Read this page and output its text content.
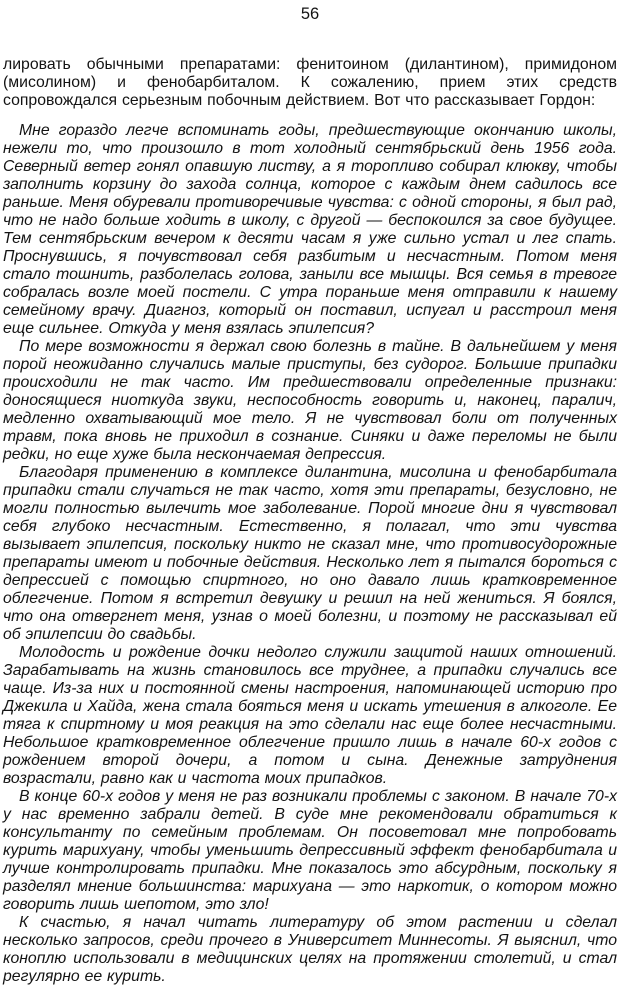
56

лировать обычными препаратами: фенитоином (дилантином), примидоном (мисолином) и фенобарбиталом. К сожалению, прием этих средств сопровождался серьезным побочным действием. Вот что рассказывает Гордон:

Мне гораздо легче вспоминать годы, предшествующие окончанию школы, нежели то, что произошло в тот холодный сентябрьский день 1956 года. Северный ветер гонял опавшую листву, а я торопливо собирал клюкву, чтобы заполнить корзину до захода солнца, которое с каждым днем садилось все раньше. Меня обуревали противоречивые чувства: с одной стороны, я был рад, что не надо больше ходить в школу, с другой — беспокоился за свое будущее. Тем сентябрьским вечером к десяти часам я уже сильно устал и лег спать. Проснувшись, я почувствовал себя разбитым и несчастным. Потом меня стало тошнить, разболелась голова, заныли все мышцы. Вся семья в тревоге собралась возле моей постели. С утра пораньше меня отправили к нашему семейному врачу. Диагноз, который он поставил, испугал и расстроил меня еще сильнее. Откуда у меня взялась эпилепсия?

По мере возможности я держал свою болезнь в тайне. В дальнейшем у меня порой неожиданно случались малые приступы, без судорог. Большие припадки происходили не так часто. Им предшествовали определенные признаки: доносящиеся ниоткуда звуки, неспособность говорить и, наконец, паралич, медленно охватывающий мое тело. Я не чувствовал боли от полученных травм, пока вновь не приходил в сознание. Синяки и даже переломы не были редки, но еще хуже была нескончаемая депрессия.

Благодаря применению в комплексе дилантина, мисолина и фенобарбитала припадки стали случаться не так часто, хотя эти препараты, безусловно, не могли полностью вылечить мое заболевание. Порой многие дни я чувствовал себя глубоко несчастным. Естественно, я полагал, что эти чувства вызывает эпилепсия, поскольку никто не сказал мне, что противосудорожные препараты имеют и побочные действия. Несколько лет я пытался бороться с депрессией с помощью спиртного, но оно давало лишь кратковременное облегчение. Потом я встретил девушку и решил на ней жениться. Я боялся, что она отвергнет меня, узнав о моей болезни, и поэтому не рассказывал ей об эпилепсии до свадьбы.

Молодость и рождение дочки недолго служили защитой наших отношений. Зарабатывать на жизнь становилось все труднее, а припадки случались все чаще. Из-за них и постоянной смены настроения, напоминающей историю про Джекила и Хайда, жена стала бояться меня и искать утешения в алкоголе. Ее тяга к спиртному и моя реакция на это сделали нас еще более несчастными. Небольшое кратковременное облегчение пришло лишь в начале 60-х годов с рождением второй дочери, а потом и сына. Денежные затруднения возрастали, равно как и частота моих припадков.

В конце 60-х годов у меня не раз возникали проблемы с законом. В начале 70-х у нас временно забрали детей. В суде мне рекомендовали обратиться к консультанту по семейным проблемам. Он посоветовал мне попробовать курить марихуану, чтобы уменьшить депрессивный эффект фенобарбитала и лучше контролировать припадки. Мне показалось это абсурдным, поскольку я разделял мнение большинства: марихуана — это наркотик, о котором можно говорить лишь шепотом, это зло!

К счастью, я начал читать литературу об этом растении и сделал несколько запросов, среди прочего в Университет Миннесоты. Я выяснил, что коноплю использовали в медицинских целях на протяжении столетий, и стал регулярно ее курить.
